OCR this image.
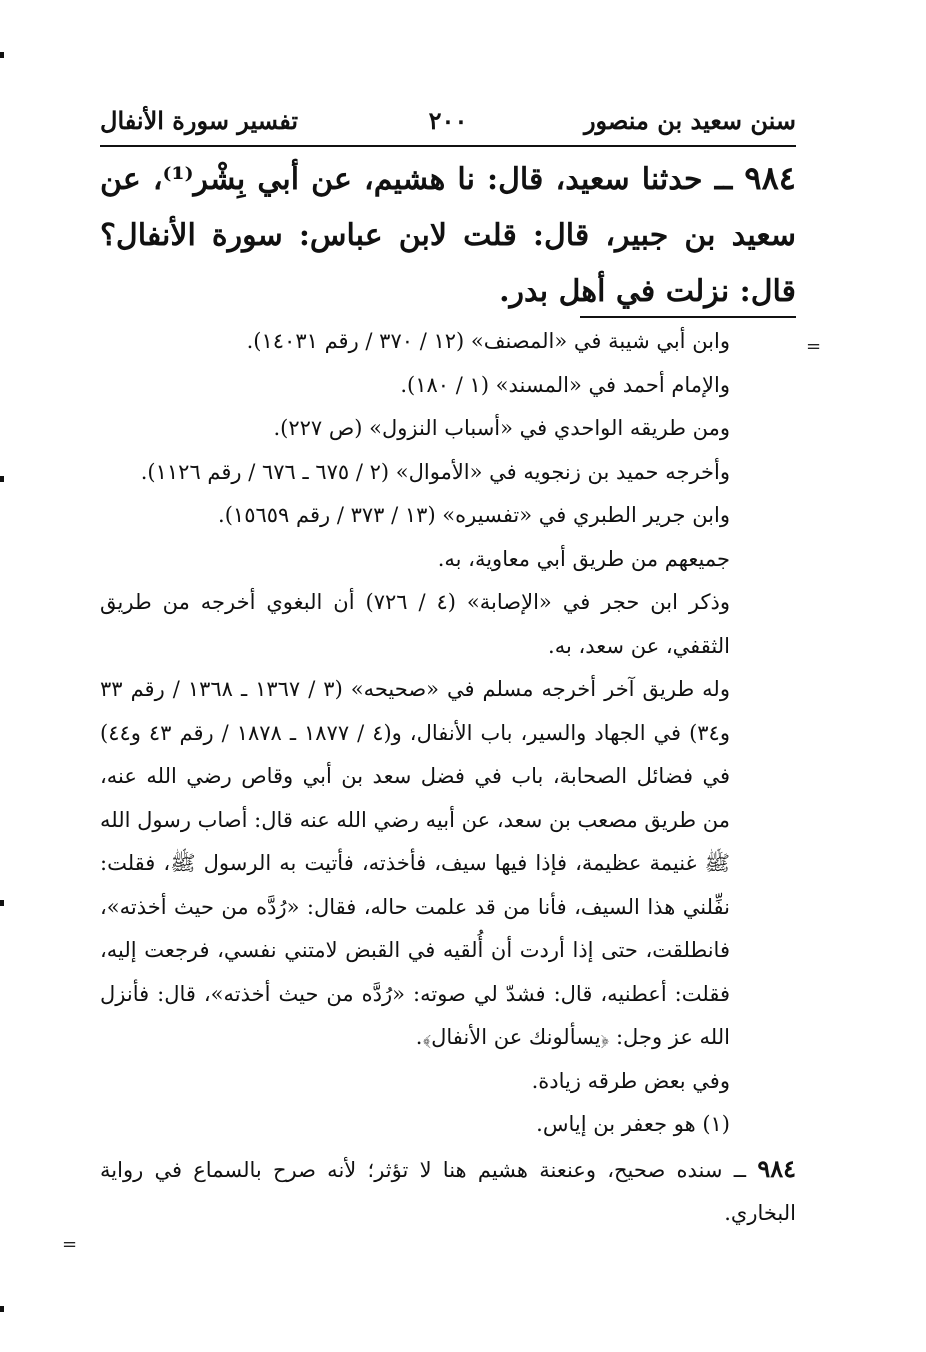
سنن سعيد بن منصور
٢٠٠
تفسير سورة الأنفال
٩٨٤ ــ حدثنا سعيد، قال: نا هشيم، عن أبي بِشْر⁽¹⁾، عن سعيد بن جبير، قال: قلت لابن عباس: سورة الأنفال؟ قال: نزلت في أهل بدر.

وابن أبي شيبة في «المصنف» (١٢ / ٣٧٠ / رقم ١٤٠٣١).

والإمام أحمد في «المسند» (١ / ١٨٠).

ومن طريقه الواحدي في «أسباب النزول» (ص ٢٢٧).

وأخرجه حميد بن زنجويه في «الأموال» (٢ / ٦٧٥ ـ ٦٧٦ / رقم ١١٢٦).

وابن جرير الطبري في «تفسيره» (١٣ / ٣٧٣ / رقم ١٥٦٥٩).

جميعهم من طريق أبي معاوية، به.

وذكر ابن حجر في «الإصابة» (٤ / ٧٢٦) أن البغوي أخرجه من طريق الثقفي، عن سعد، به.

وله طريق آخر أخرجه مسلم في «صحيحه» (٣ / ١٣٦٧ ـ ١٣٦٨ / رقم ٣٣ و٣٤) في الجهاد والسير، باب الأنفال، و(٤ / ١٨٧٧ ـ ١٨٧٨ / رقم ٤٣ و٤٤) في فضائل الصحابة، باب في فضل سعد بن أبي وقاص رضي الله عنه، من طريق مصعب بن سعد، عن أبيه رضي الله عنه قال: أصاب رسول الله ﷺ غنيمة عظيمة، فإذا فيها سيف، فأخذته، فأتيت به الرسول ﷺ، فقلت: نفِّلني هذا السيف، فأنا من قد علمت حاله، فقال: «رُدَّه من حيث أخذته»، فانطلقت، حتى إذا أردت أن أُلقيه في القبض لامتني نفسي، فرجعت إليه، فقلت: أعطنيه، قال: فشدّ لي صوته: «رُدَّه من حيث أخذته»، قال: فأنزل الله عز وجل: ﴿يسألونك عن الأنفال﴾.

وفي بعض طرقه زيادة.

(١) هو جعفر بن إياس.

٩٨٤ ــ سنده صحيح، وعنعنة هشيم هنا لا تؤثر؛ لأنه صرح بالسماع في رواية البخاري.

=
=
